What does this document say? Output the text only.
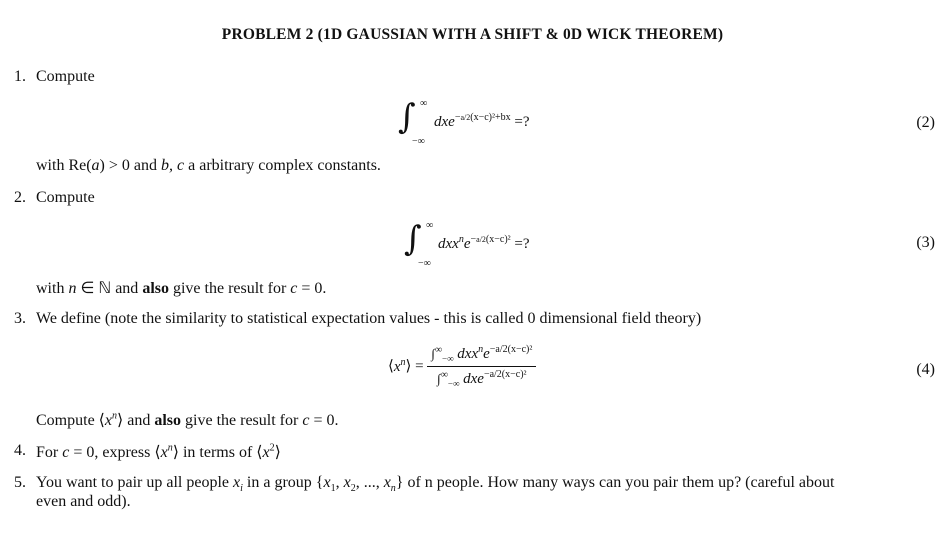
PROBLEM 2 (1D GAUSSIAN WITH A SHIFT & 0D WICK THEOREM)
1. Compute
∫ ∞
−∞
dxe$^{-a/2(x-c)^2+bx}$ =?	(2)
with Re(a) > 0 and b, c a arbitrary complex constants.
2. Compute
∫ ∞
−∞
$dxx^ne^{-a/2(x-c)^2}$ =?	(3)
with n ∈ ℕ and also give the result for c = 0.
3. We define (note the similarity to statistical expectation values - this is called 0 dimensional field theory)
$⟨x^n⟩ = \frac{\int^\infty_{-\infty} dxx^ne^{-a/2(x-c)^2}}{\int^\infty_{-\infty} dxe^{-a/2(x-c)^2}}$	(4)
Compute $⟨x^n⟩$ and also give the result for c = 0.
4. For c = 0, express $⟨x^n⟩$ in terms of $⟨x^2⟩$
5. You want to pair up all people $x_i$ in a group {$x_1$, $x_2$, ..., $x_n$} of n people. How many ways can you pair them up? (careful about
even and odd).
